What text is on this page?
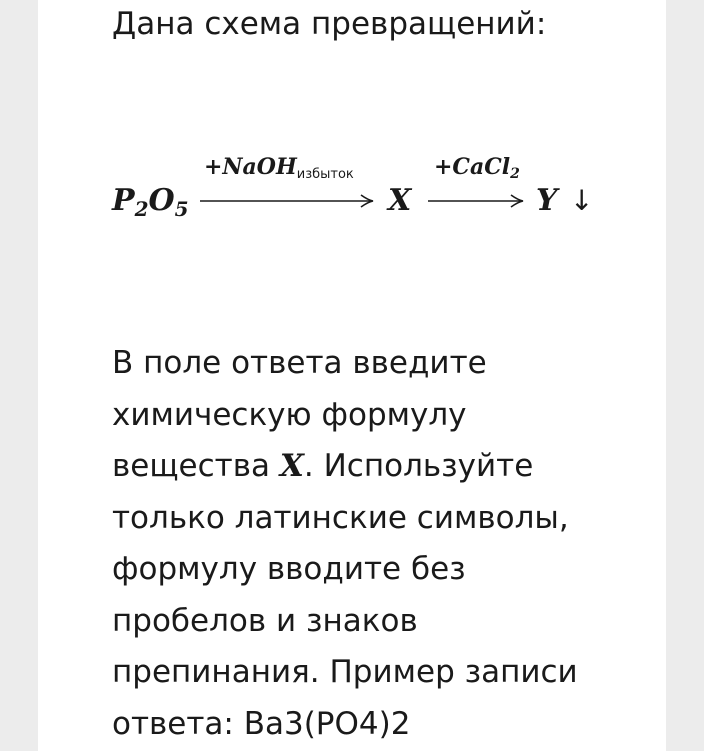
Дана схема превращений:
$P_2O_5$
+NaOH$_{избыток}$
X
+CaCl$_2$
Y ↓
В поле ответа введите
химическую формулу
вещества X. Используйте
только латинские символы,
формулу вводите без
пробелов и знаков
препинания. Пример записи
ответа: Ba3(PO4)2
